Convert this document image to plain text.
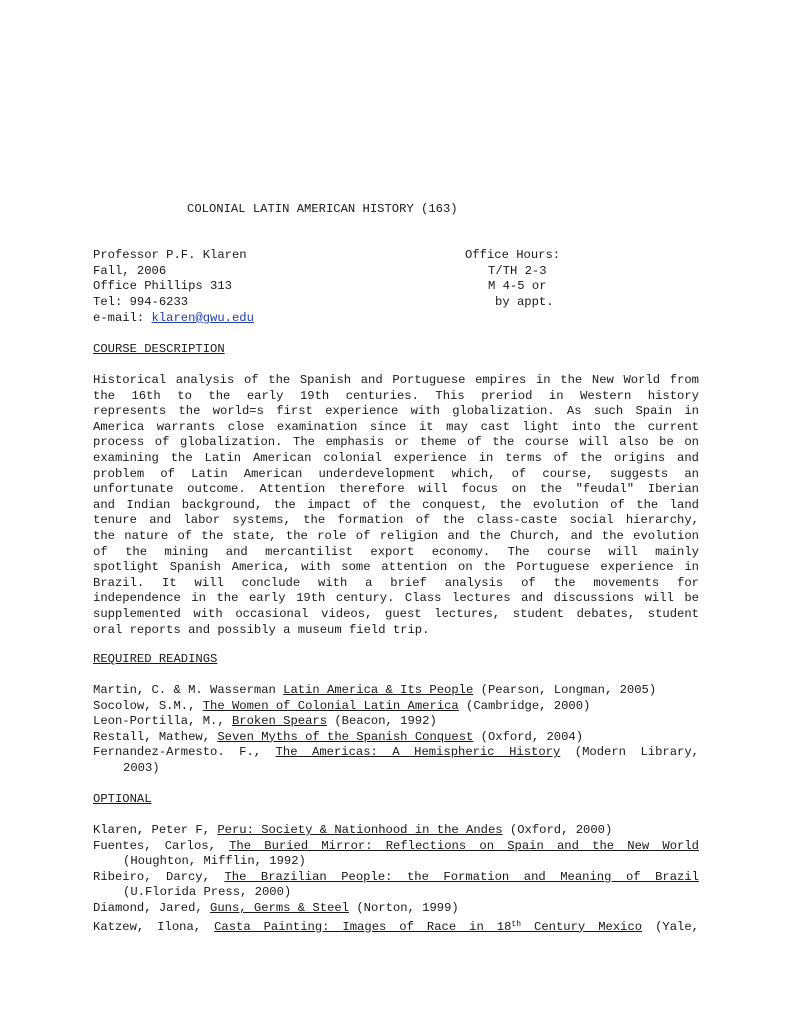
COLONIAL LATIN AMERICAN HISTORY (163)
Professor P.F. Klaren
Fall, 2006
Office Phillips 313
Tel: 994-6233
e-mail: klaren@gwu.edu
Office Hours:
T/TH 2-3
M 4-5 or
by appt.
COURSE DESCRIPTION
Historical analysis of the Spanish and Portuguese empires in the New World from
the 16th to the early 19th centuries. This preriod in Western history
represents the world=s first experience with globalization. As such Spain in
America warrants close examination since it may cast light into the current
process of globalization. The emphasis or theme of the course will also be on
examining the Latin American colonial experience in terms of the origins and
problem of Latin American underdevelopment which, of course, suggests an
unfortunate outcome. Attention therefore will focus on the "feudal" Iberian
and Indian background, the impact of the conquest, the evolution of the land
tenure and labor systems, the formation of the class-caste social hierarchy,
the nature of the state, the role of religion and the Church, and the evolution
of the mining and mercantilist export economy. The course will mainly
spotlight Spanish America, with some attention on the Portuguese experience in
Brazil. It will conclude with a brief analysis of the movements for
independence in the early 19th century. Class lectures and discussions will be
supplemented with occasional videos, guest lectures, student debates, student
oral reports and possibly a museum field trip.
REQUIRED READINGS
Martin, C. & M. Wasserman Latin America & Its People (Pearson, Longman, 2005)
Socolow, S.M., The Women of Colonial Latin America (Cambridge, 2000)
Leon-Portilla, M., Broken Spears (Beacon, 1992)
Restall, Mathew, Seven Myths of the Spanish Conquest (Oxford, 2004)
Fernandez-Armesto. F., The Americas: A Hemispheric History (Modern Library,
2003)
OPTIONAL
Klaren, Peter F, Peru: Society & Nationhood in the Andes (Oxford, 2000)
Fuentes, Carlos, The Buried Mirror: Reflections on Spain and the New World
(Houghton, Mifflin, 1992)
Ribeiro, Darcy, The Brazilian People: the Formation and Meaning of Brazil
(U.Florida Press, 2000)
Diamond, Jared, Guns, Germs & Steel (Norton, 1999)
Katzew, Ilona, Casta Painting: Images of Race in 18th Century Mexico (Yale,
